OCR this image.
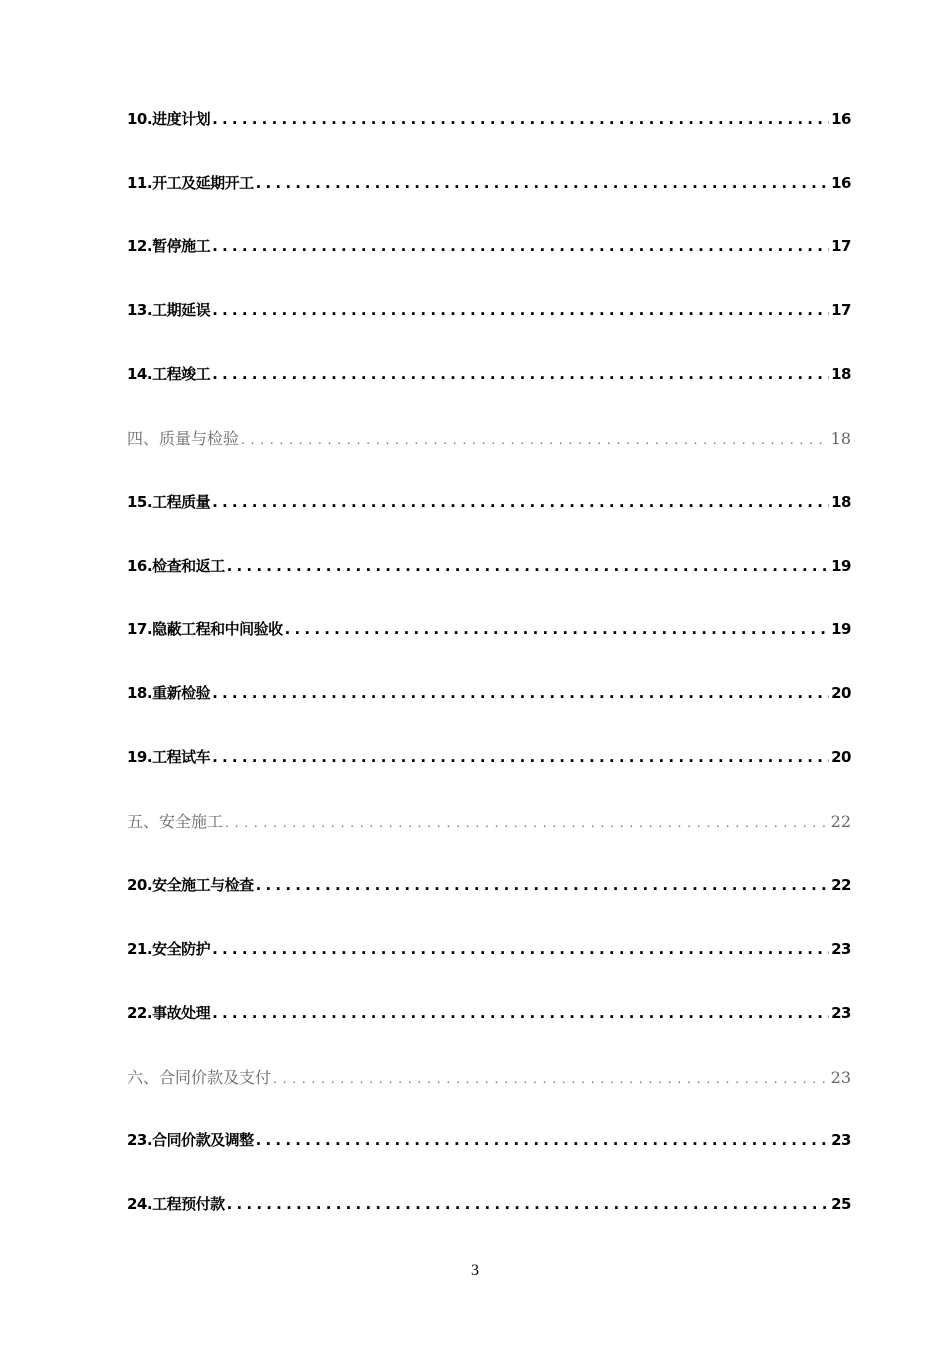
10.进度计划 . . .	16
11.开工及延期开工 . . .	16
12.暂停施工 . . .	17
13.工期延误 . . .	17
14.工程竣工 . . .	18
四、质量与检验 . . .	18
15.工程质量 . . .	18
16.检查和返工 . . .	19
17.隐蔽工程和中间验收 . . .	19
18.重新检验 . . .	20
19.工程试车 . . .	20
五、安全施工 . . .	22
20.安全施工与检查 . . .	22
21.安全防护 . . .	23
22.事故处理 . . .	23
六、合同价款及支付 . . .	23
23.合同价款及调整 . . .	23
24.工程预付款 . . .	25
3
